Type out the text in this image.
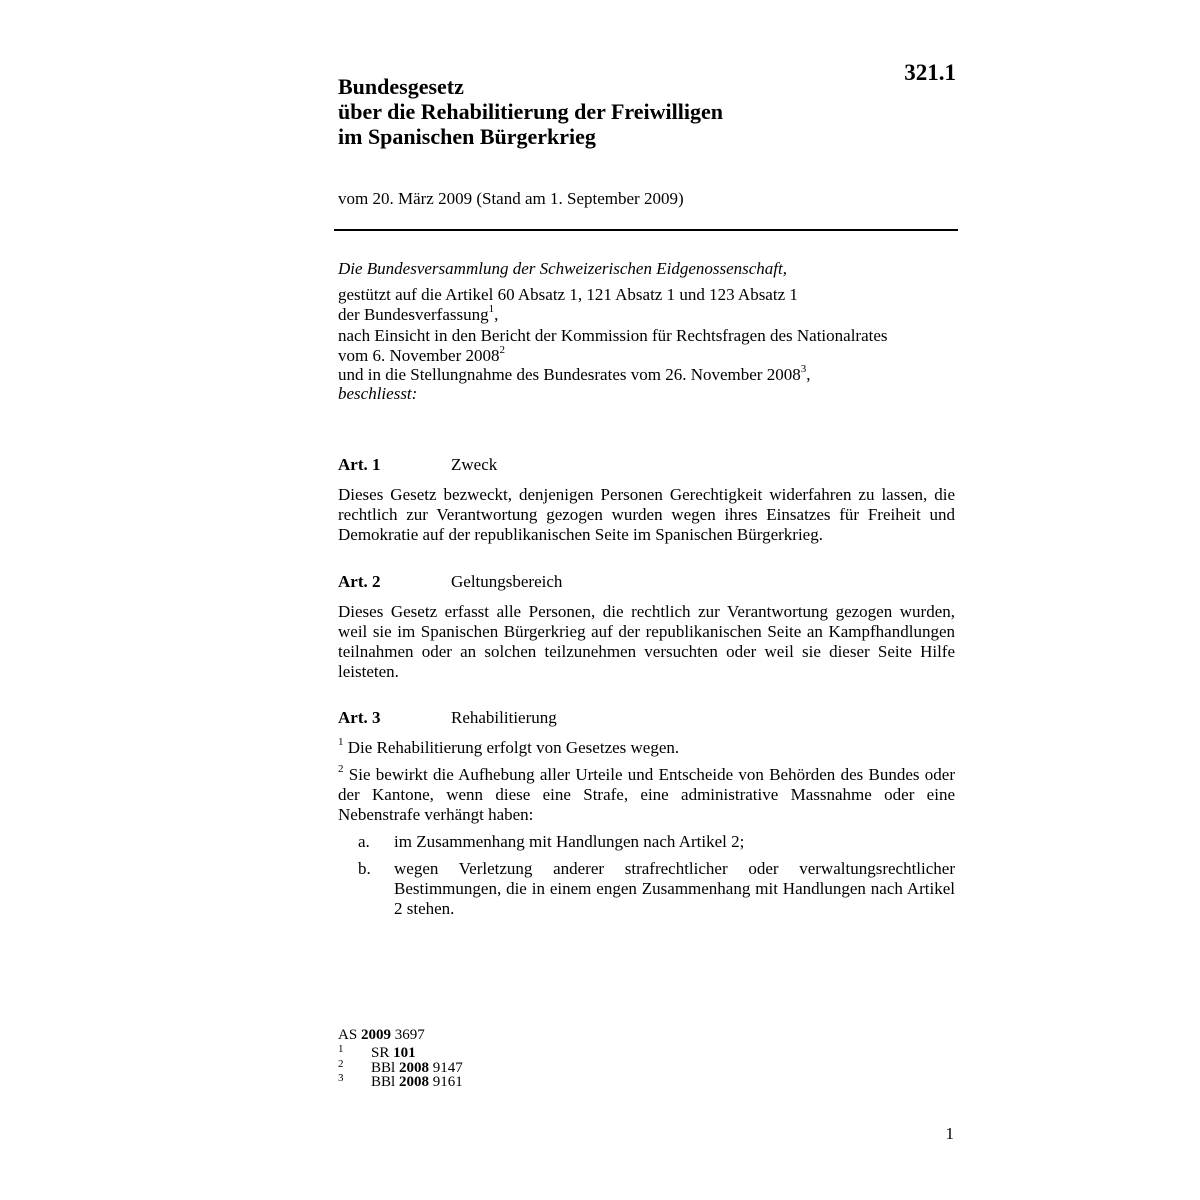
321.1
Bundesgesetz
über die Rehabilitierung der Freiwilligen
im Spanischen Bürgerkrieg
vom 20. März 2009 (Stand am 1. September 2009)
Die Bundesversammlung der Schweizerischen Eidgenossenschaft,
gestützt auf die Artikel 60 Absatz 1, 121 Absatz 1 und 123 Absatz 1
der Bundesverfassung$^1$,
nach Einsicht in den Bericht der Kommission für Rechtsfragen des Nationalrates
vom 6. November 2008$^2$
und in die Stellungnahme des Bundesrates vom 26. November 2008$^3$,
beschliesst:
Art. 1	Zweck

Dieses Gesetz bezweckt, denjenigen Personen Gerechtigkeit widerfahren zu lassen, die rechtlich zur Verantwortung gezogen wurden wegen ihres Einsatzes für Freiheit und Demokratie auf der republikanischen Seite im Spanischen Bürgerkrieg.

Art. 2	Geltungsbereich

Dieses Gesetz erfasst alle Personen, die rechtlich zur Verantwortung gezogen wurden, weil sie im Spanischen Bürgerkrieg auf der republikanischen Seite an Kampfhandlungen teilnahmen oder an solchen teilzunehmen versuchten oder weil sie dieser Seite Hilfe leisteten.

Art. 3	Rehabilitierung

$^1$ Die Rehabilitierung erfolgt von Gesetzes wegen.

$^2$ Sie bewirkt die Aufhebung aller Urteile und Entscheide von Behörden des Bundes oder der Kantone, wenn diese eine Strafe, eine administrative Massnahme oder eine Nebenstrafe verhängt haben:

a.	im Zusammenhang mit Handlungen nach Artikel 2;
b.	wegen Verletzung anderer strafrechtlicher oder verwaltungsrechtlicher Bestimmungen, die in einem engen Zusammenhang mit Handlungen nach Artikel 2 stehen.
AS 2009 3697
1	SR 101
2	BBl 2008 9147
3	BBl 2008 9161
1
